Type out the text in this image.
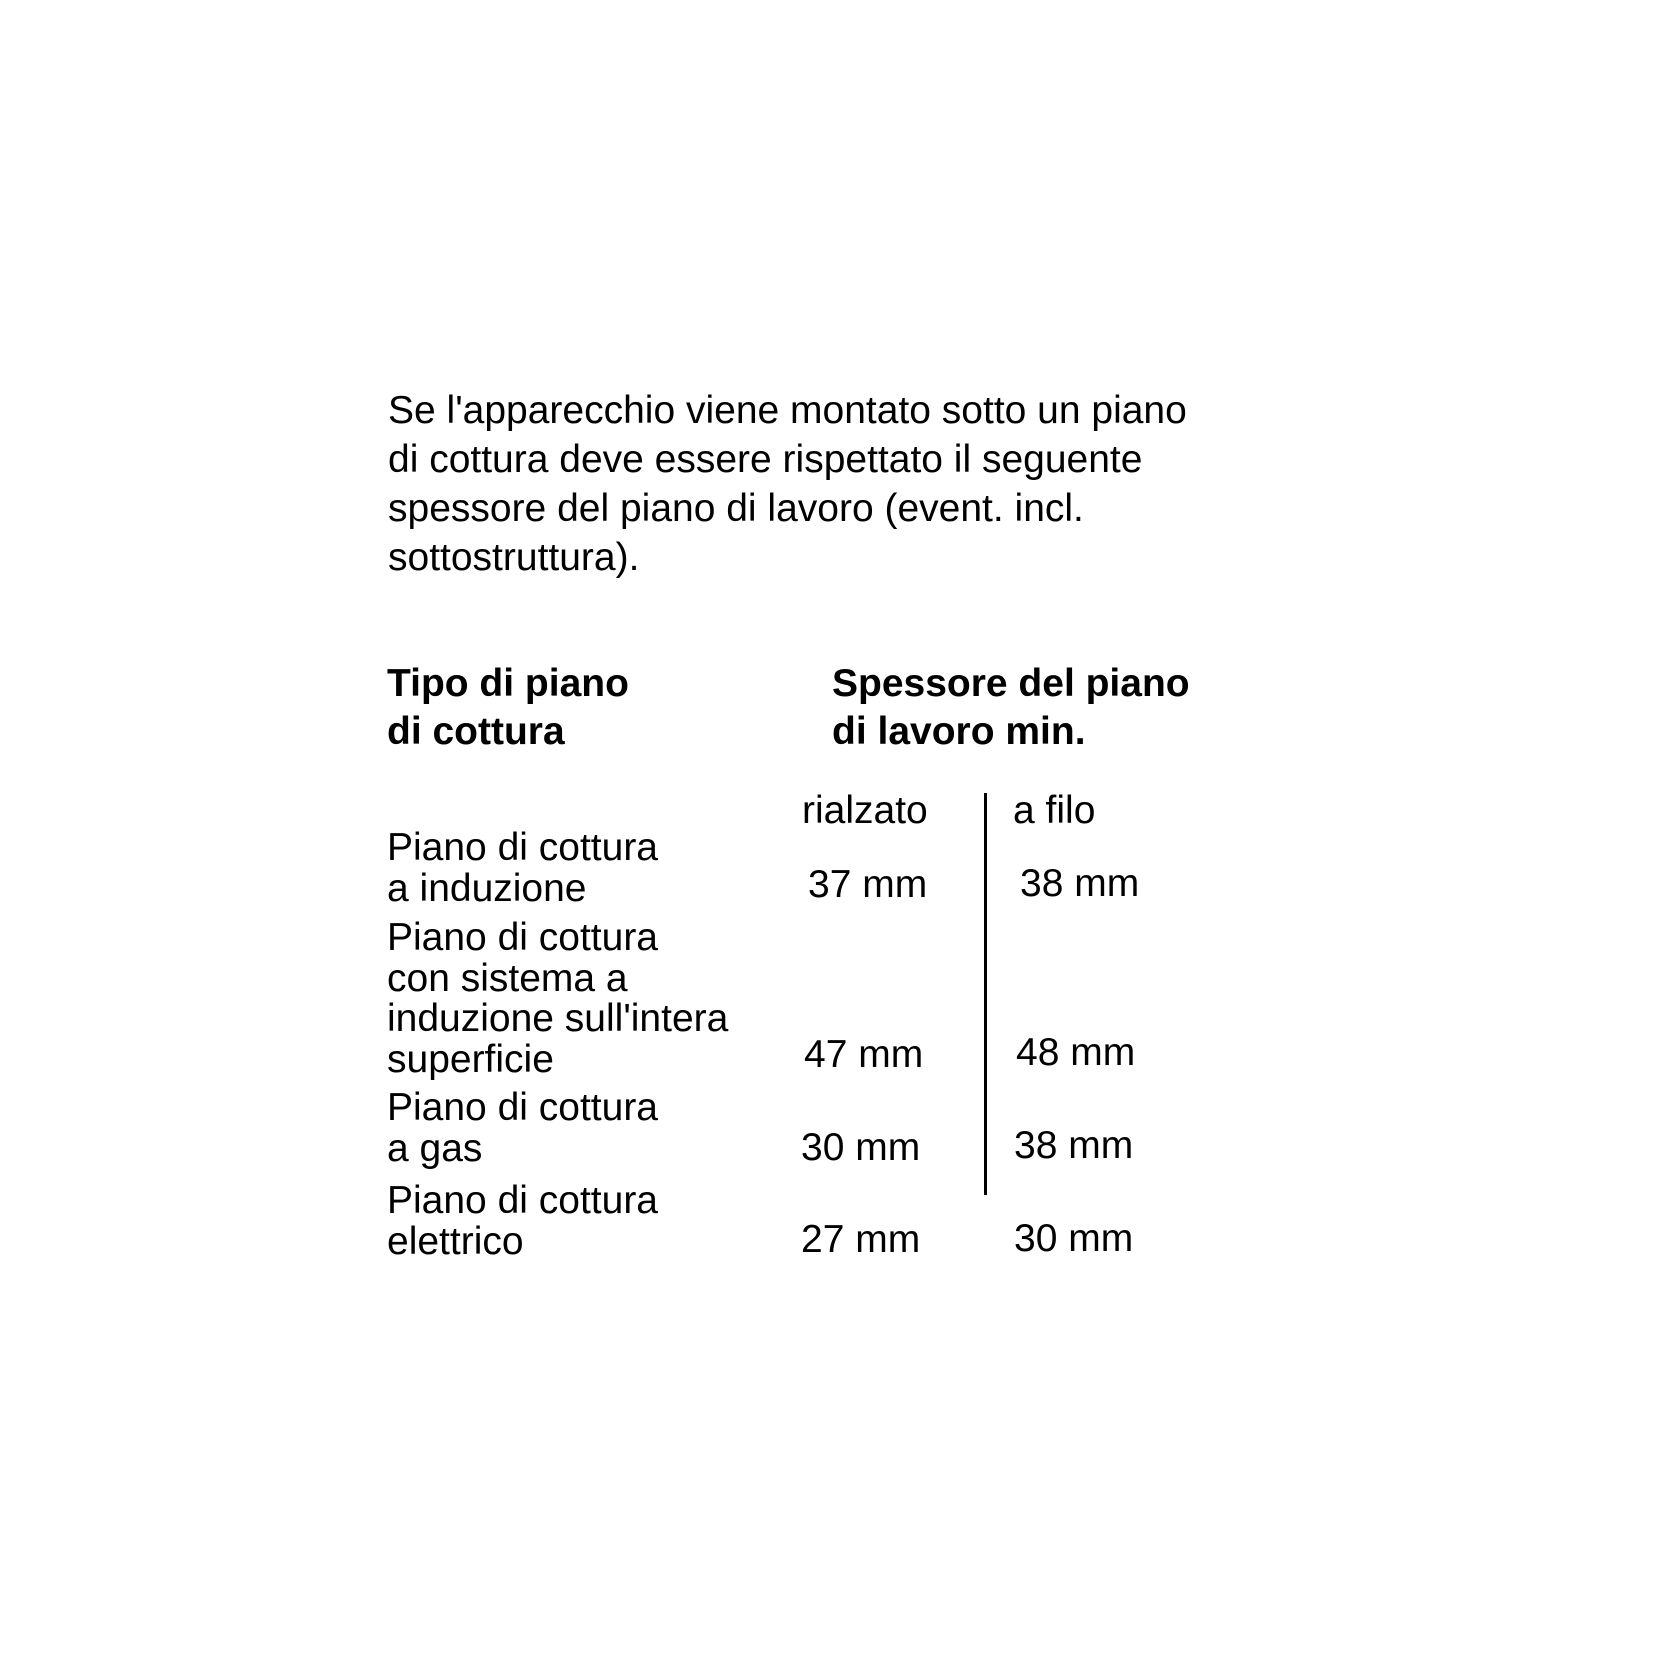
Se l'apparecchio viene montato sotto un piano
di cottura deve essere rispettato il seguente
spessore del piano di lavoro (event. incl.
sottostruttura).
Tipo di piano
di cottura
Spessore del piano
di lavoro min.
rialzato a filo
Piano di cottura
a induzione	37 mm 38 mm
Piano di cottura
con sistema a
induzione sull'intera
superficie	47 mm 48 mm
Piano di cottura
a gas	30 mm 38 mm
Piano di cottura
elettrico	27 mm 30 mm
